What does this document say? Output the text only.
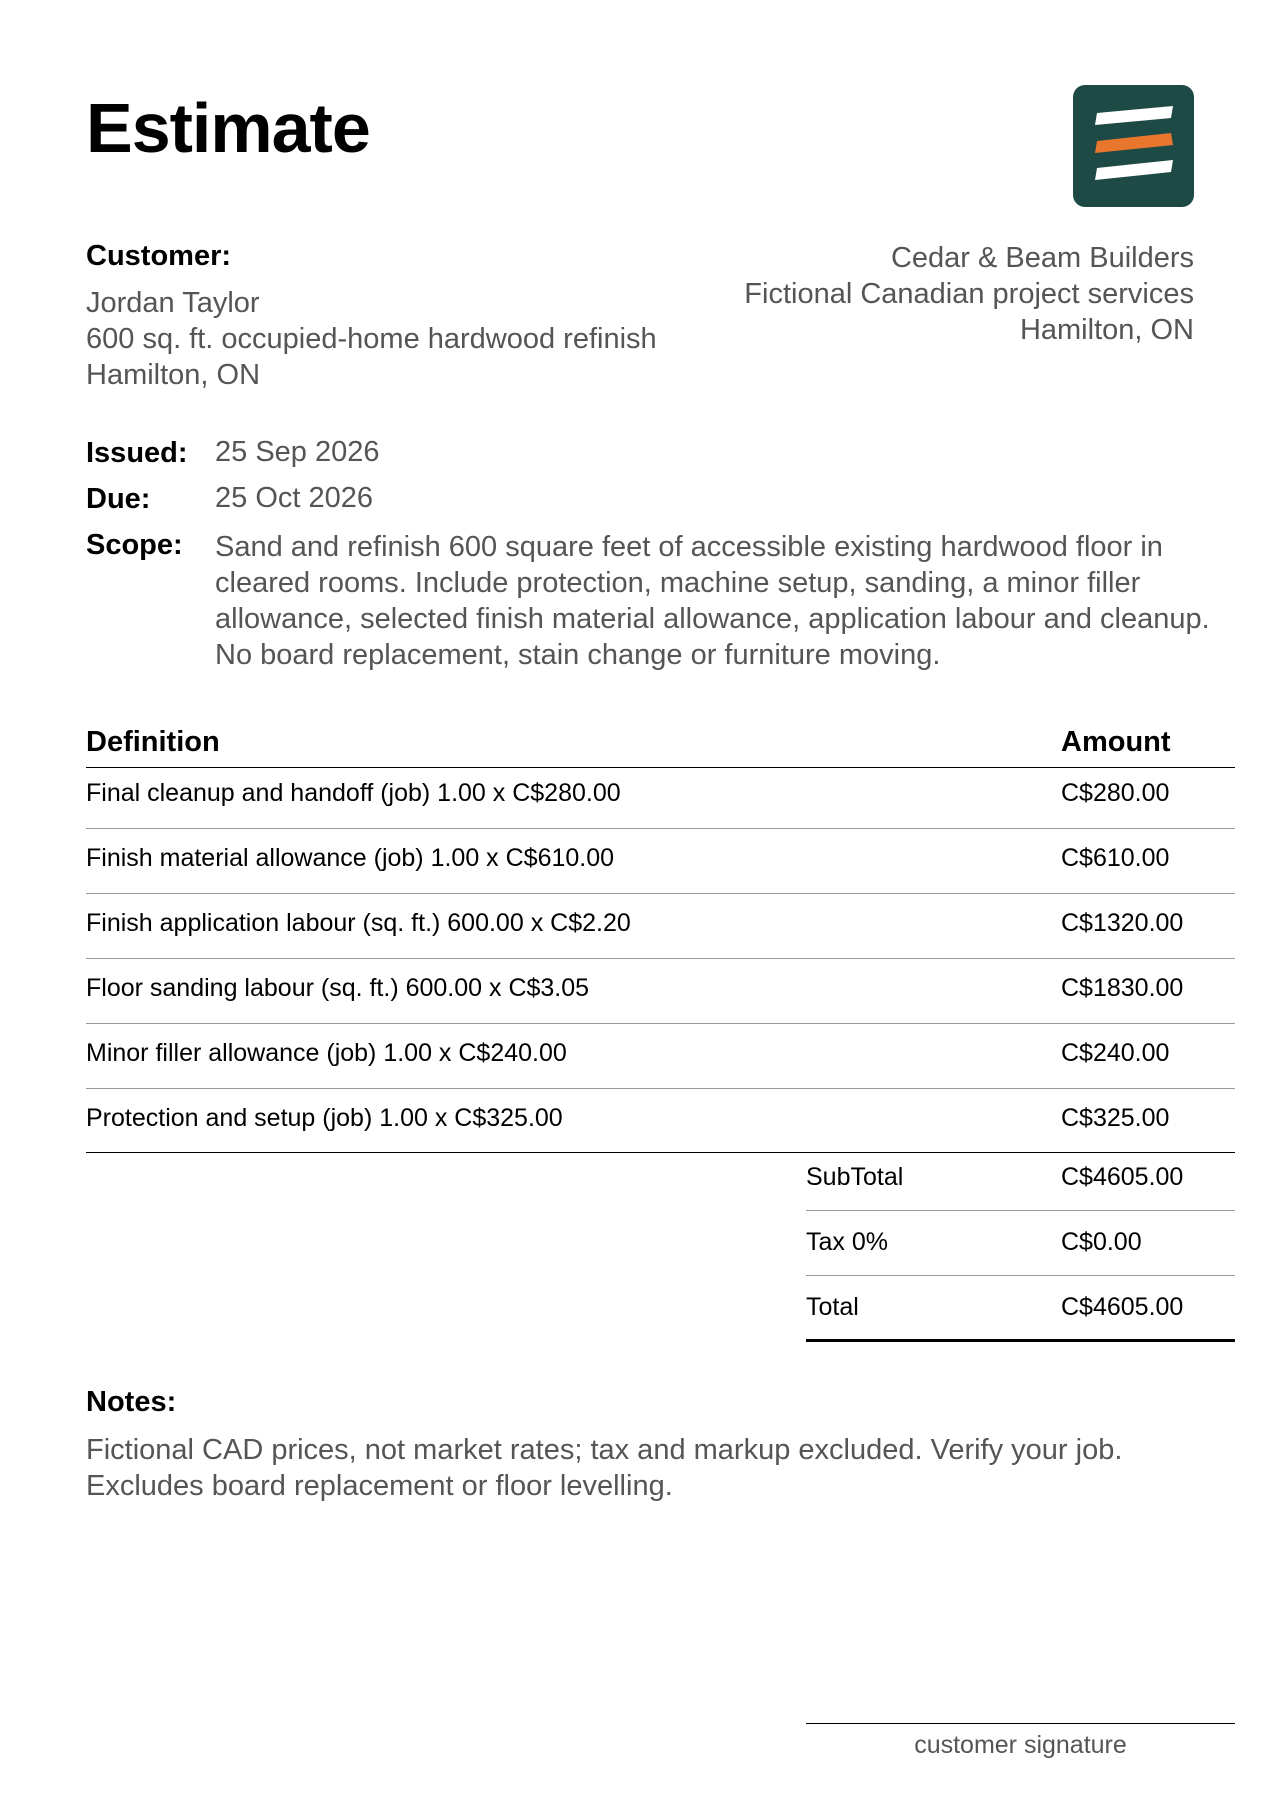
Estimate
Customer:
Jordan Taylor
600 sq. ft. occupied-home hardwood refinish
Hamilton, ON
Cedar & Beam Builders
Fictional Canadian project services
Hamilton, ON
Issued: 25 Sep 2026
Due: 25 Oct 2026
Scope: Sand and refinish 600 square feet of accessible existing hardwood floor in cleared rooms. Include protection, machine setup, sanding, a minor filler allowance, selected finish material allowance, application labour and cleanup. No board replacement, stain change or furniture moving.
Definition	Amount
Final cleanup and handoff (job) 1.00 x C$280.00	C$280.00
Finish material allowance (job) 1.00 x C$610.00	C$610.00
Finish application labour (sq. ft.) 600.00 x C$2.20	C$1320.00
Floor sanding labour (sq. ft.) 600.00 x C$3.05	C$1830.00
Minor filler allowance (job) 1.00 x C$240.00	C$240.00
Protection and setup (job) 1.00 x C$325.00	C$325.00
SubTotal	C$4605.00
Tax 0%	C$0.00
Total	C$4605.00
Notes:
Fictional CAD prices, not market rates; tax and markup excluded. Verify your job. Excludes board replacement or floor levelling.
customer signature
